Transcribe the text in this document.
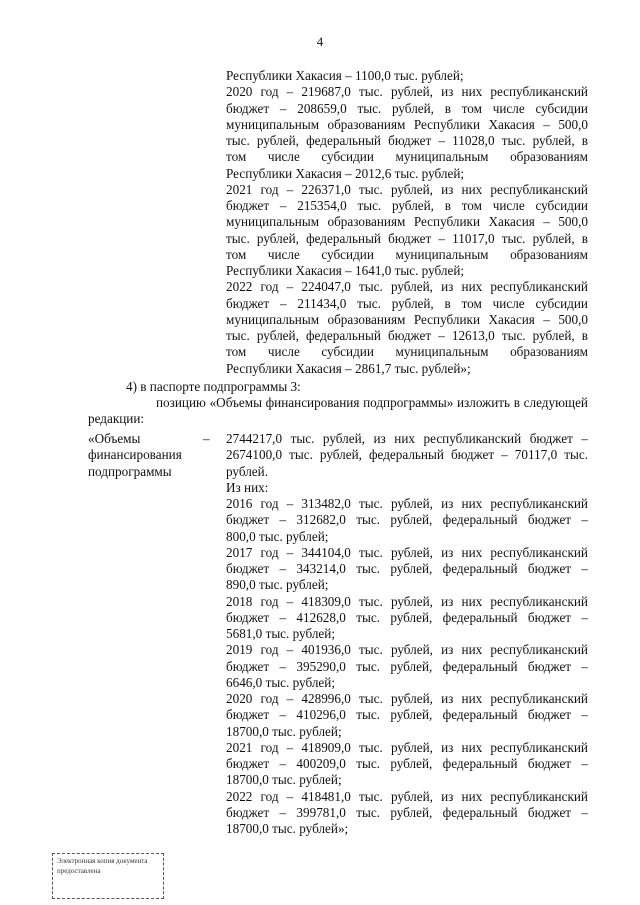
4
Республики Хакасия – 1100,0 тыс. рублей;
2020 год – 219687,0 тыс. рублей, из них республиканский
бюджет – 208659,0 тыс. рублей, в том числе субсидии
муниципальным образованиям Республики Хакасия – 500,0
тыс. рублей, федеральный бюджет – 11028,0 тыс. рублей, в
том числе субсидии муниципальным образованиям
Республики Хакасия – 2012,6 тыс. рублей;
2021 год – 226371,0 тыс. рублей, из них республиканский
бюджет – 215354,0 тыс. рублей, в том числе субсидии
муниципальным образованиям Республики Хакасия – 500,0
тыс. рублей, федеральный бюджет – 11017,0 тыс. рублей, в
том числе субсидии муниципальным образованиям
Республики Хакасия – 1641,0 тыс. рублей;
2022 год – 224047,0 тыс. рублей, из них республиканский
бюджет – 211434,0 тыс. рублей, в том числе субсидии
муниципальным образованиям Республики Хакасия – 500,0
тыс. рублей, федеральный бюджет – 12613,0 тыс. рублей, в
том числе субсидии муниципальным образованиям
Республики Хакасия – 2861,7 тыс. рублей»;
4) в паспорте подпрограммы 3:
позицию «Объемы финансирования подпрограммы» изложить в следующей
редакции:
«Объемы
финансирования
подпрограммы
– 2744217,0 тыс. рублей, из них республиканский бюджет –
2674100,0 тыс. рублей, федеральный бюджет – 70117,0 тыс.
рублей.
Из них:
2016 год – 313482,0 тыс. рублей, из них республиканский
бюджет – 312682,0 тыс. рублей, федеральный бюджет –
800,0 тыс. рублей;
2017 год – 344104,0 тыс. рублей, из них республиканский
бюджет – 343214,0 тыс. рублей, федеральный бюджет –
890,0 тыс. рублей;
2018 год – 418309,0 тыс. рублей, из них республиканский
бюджет – 412628,0 тыс. рублей, федеральный бюджет –
5681,0 тыс. рублей;
2019 год – 401936,0 тыс. рублей, из них республиканский
бюджет – 395290,0 тыс. рублей, федеральный бюджет –
6646,0 тыс. рублей;
2020 год – 428996,0 тыс. рублей, из них республиканский
бюджет – 410296,0 тыс. рублей, федеральный бюджет –
18700,0 тыс. рублей;
2021 год – 418909,0 тыс. рублей, из них республиканский
бюджет – 400209,0 тыс. рублей, федеральный бюджет –
18700,0 тыс. рублей;
2022 год – 418481,0 тыс. рублей, из них республиканский
бюджет – 399781,0 тыс. рублей, федеральный бюджет –
18700,0 тыс. рублей»;
Электронная копия документа
предоставлена
